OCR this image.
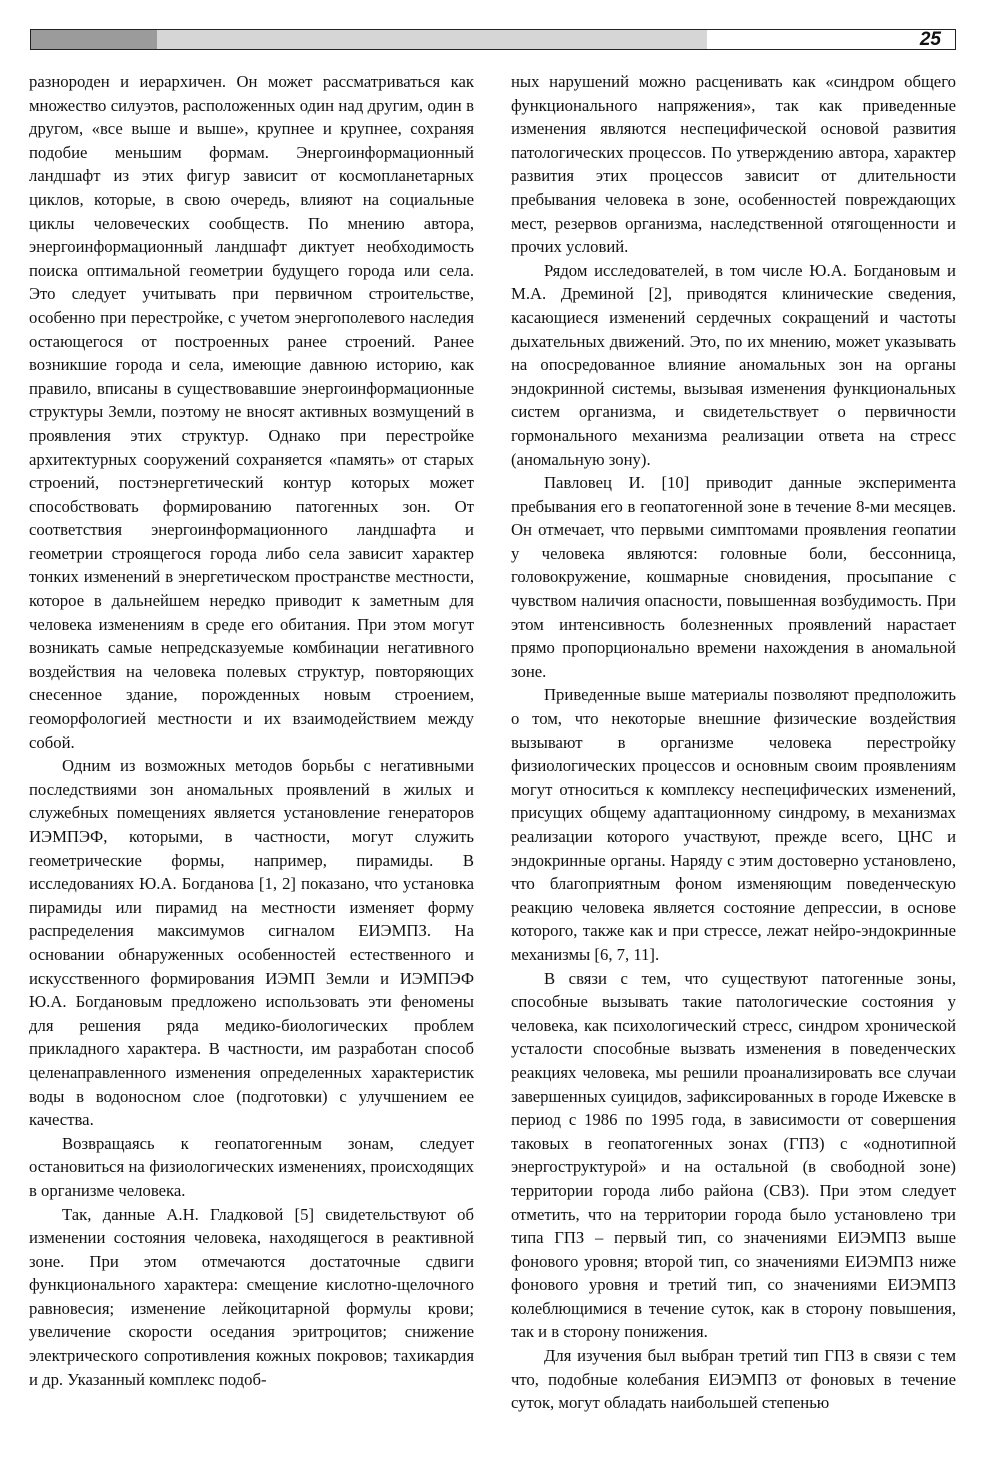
25

разнороден и иерархичен. Он может рассматриваться как множество силуэтов, расположенных один над другим, один в другом, «все выше и выше», крупнее и крупнее, сохраняя подобие меньшим формам. Энергоинформационный ландшафт из этих фигур зависит от космопланетарных циклов, которые, в свою очередь, влияют на социальные циклы человеческих сообществ. По мнению автора, энергоинформационный ландшафт диктует необходимость поиска оптимальной геометрии будущего города или села. Это следует учитывать при первичном строительстве, особенно при перестройке, с учетом энергополевого наследия остающегося от построенных ранее строений. Ранее возникшие города и села, имеющие давнюю историю, как правило, вписаны в существовавшие энергоинформационные структуры Земли, поэтому не вносят активных возмущений в проявления этих структур. Однако при перестройке архитектурных сооружений сохраняется «память» от старых строений, постэнергетический контур которых может способствовать формированию патогенных зон. От соответствия энергоинформационного ландшафта и геометрии строящегося города либо села зависит характер тонких изменений в энергетическом пространстве местности, которое в дальнейшем нередко приводит к заметным для человека изменениям в среде его обитания. При этом могут возникать самые непредсказуемые комбинации негативного воздействия на человека полевых структур, повторяющих снесенное здание, порожденных новым строением, геоморфологией местности и их взаимодействием между собой.

Одним из возможных методов борьбы с негативными последствиями зон аномальных проявлений в жилых и служебных помещениях является установление генераторов ИЭМПЭФ, которыми, в частности, могут служить геометрические формы, например, пирамиды. В исследованиях Ю.А. Богданова [1, 2] показано, что установка пирамиды или пирамид на местности изменяет форму распределения максимумов сигналом ЕИЭМПЗ. На основании обнаруженных особенностей естественного и искусственного формирования ИЭМП Земли и ИЭМПЭФ Ю.А. Богдановым предложено использовать эти феномены для решения ряда медико-биологических проблем прикладного характера. В частности, им разработан способ целенаправленного изменения определенных характеристик воды в водоносном слое (подготовки) с улучшением ее качества.

Возвращаясь к геопатогенным зонам, следует остановиться на физиологических изменениях, происходящих в организме человека.

Так, данные А.Н. Гладковой [5] свидетельствуют об изменении состояния человека, находящегося в реактивной зоне. При этом отмечаются достаточные сдвиги функционального характера: смещение кислотно-щелочного равновесия; изменение лейкоцитарной формулы крови; увеличение скорости оседания эритроцитов; снижение электрического сопротивления кожных покровов; тахикардия и др. Указанный комплекс подоб-

ных нарушений можно расценивать как «синдром общего функционального напряжения», так как приведенные изменения являются неспецифической основой развития патологических процессов. По утверждению автора, характер развития этих процессов зависит от длительности пребывания человека в зоне, особенностей повреждающих мест, резервов организма, наследственной отягощенности и прочих условий.

Рядом исследователей, в том числе Ю.А. Богдановым и М.А. Дреминой [2], приводятся клинические сведения, касающиеся изменений сердечных сокращений и частоты дыхательных движений. Это, по их мнению, может указывать на опосредованное влияние аномальных зон на органы эндокринной системы, вызывая изменения функциональных систем организма, и свидетельствует о первичности гормонального механизма реализации ответа на стресс (аномальную зону).

Павловец И. [10] приводит данные эксперимента пребывания его в геопатогенной зоне в течение 8-ми месяцев. Он отмечает, что первыми симптомами проявления геопатии у человека являются: головные боли, бессонница, головокружение, кошмарные сновидения, просыпание с чувством наличия опасности, повышенная возбудимость. При этом интенсивность болезненных проявлений нарастает прямо пропорционально времени нахождения в аномальной зоне.

Приведенные выше материалы позволяют предположить о том, что некоторые внешние физические воздействия вызывают в организме человека перестройку физиологических процессов и основным своим проявлениям могут относиться к комплексу неспецифических изменений, присущих общему адаптационному синдрому, в механизмах реализации которого участвуют, прежде всего, ЦНС и эндокринные органы. Наряду с этим достоверно установлено, что благоприятным фоном изменяющим поведенческую реакцию человека является состояние депрессии, в основе которого, также как и при стрессе, лежат нейро-эндокринные механизмы [6, 7, 11].

В связи с тем, что существуют патогенные зоны, способные вызывать такие патологические состояния у человека, как психологический стресс, синдром хронической усталости способные вызвать изменения в поведенческих реакциях человека, мы решили проанализировать все случаи завершенных суицидов, зафиксированных в городе Ижевске в период с 1986 по 1995 года, в зависимости от совершения таковых в геопатогенных зонах (ГПЗ) с «однотипной энергоструктурой» и на остальной (в свободной зоне) территории города либо района (СВЗ). При этом следует отметить, что на территории города было установлено три типа ГПЗ – первый тип, со значениями ЕИЭМПЗ выше фонового уровня; второй тип, со значениями ЕИЭМПЗ ниже фонового уровня и третий тип, со значениями ЕИЭМПЗ колеблющимися в течение суток, как в сторону повышения, так и в сторону понижения.

Для изучения был выбран третий тип ГПЗ в связи с тем что, подобные колебания ЕИЭМПЗ от фоновых в течение суток, могут обладать наибольшей степенью
